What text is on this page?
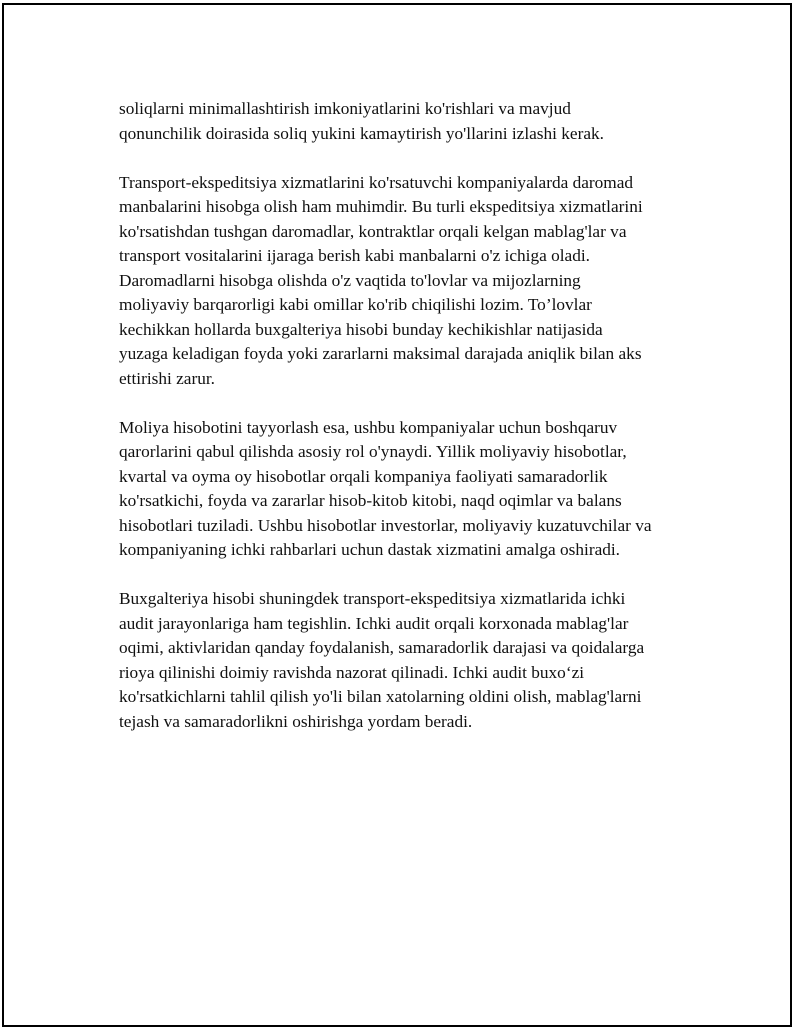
soliqlarni minimallashtirish imkoniyatlarini ko'rishlari va mavjud
qonunchilik doirasida soliq yukini kamaytirish yo'llarini izlashi kerak.

Transport-ekspeditsiya xizmatlarini ko'rsatuvchi kompaniyalarda daromad
manbalarini hisobga olish ham muhimdir. Bu turli ekspeditsiya xizmatlarini
ko'rsatishdan tushgan daromadlar, kontraktlar orqali kelgan mablag'lar va
transport vositalarini ijaraga berish kabi manbalarni o'z ichiga oladi.
Daromadlarni hisobga olishda o'z vaqtida to'lovlar va mijozlarning
moliyaviy barqarorligi kabi omillar ko'rib chiqilishi lozim. To’lovlar
kechikkan hollarda buxgalteriya hisobi bunday kechikishlar natijasida
yuzaga keladigan foyda yoki zararlarni maksimal darajada aniqlik bilan aks
ettirishi zarur.

Moliya hisobotini tayyorlash esa, ushbu kompaniyalar uchun boshqaruv
qarorlarini qabul qilishda asosiy rol o'ynaydi. Yillik moliyaviy hisobotlar,
kvartal va oyma oy hisobotlar orqali kompaniya faoliyati samaradorlik
ko'rsatkichi, foyda va zararlar hisob-kitob kitobi, naqd oqimlar va balans
hisobotlari tuziladi. Ushbu hisobotlar investorlar, moliyaviy kuzatuvchilar va
kompaniyaning ichki rahbarlari uchun dastak xizmatini amalga oshiradi.

Buxgalteriya hisobi shuningdek transport-ekspeditsiya xizmatlarida ichki
audit jarayonlariga ham tegishlin. Ichki audit orqali korxonada mablag'lar
oqimi, aktivlaridan qanday foydalanish, samaradorlik darajasi va qoidalarga
rioya qilinishi doimiy ravishda nazorat qilinadi. Ichki audit buxo‘zi
ko'rsatkichlarni tahlil qilish yo'li bilan xatolarning oldini olish, mablag'larni
tejash va samaradorlikni oshirishga yordam beradi.
